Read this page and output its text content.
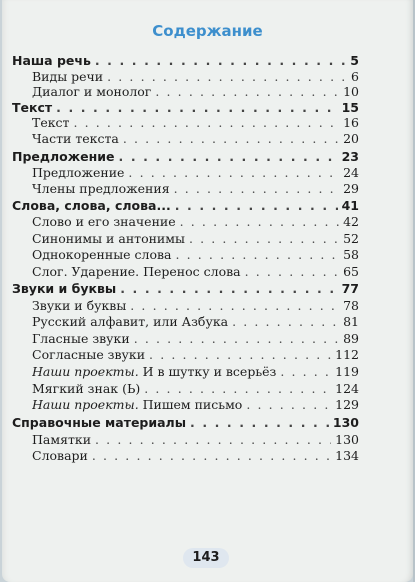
Содержание
Наша речь . . .	5
Виды речи . . .	6
Диалог и монолог . . .	10
Текст . . .	15
Текст . . .	16
Части текста . . .	20
Предложение . . .	23
Предложение . . .	24
Члены предложения . . .	29
Слова, слова, слова... . . .	41
Слово и его значение . . .	42
Синонимы и антонимы . . .	52
Однокоренные слова . . .	58
Слог. Ударение. Перенос слова . . .	65
Звуки и буквы . . .	77
Звуки и буквы . . .	78
Русский алфавит, или Азбука . . .	81
Гласные звуки . . .	89
Согласные звуки . . .	112
Наши проекты. И в шутку и всерьёз . . .	119
Мягкий знак (Ь) . . .	124
Наши проекты. Пишем письмо . . .	129
Справочные материалы . . .	130
Памятки . . .	130
Словари . . .	134
143
